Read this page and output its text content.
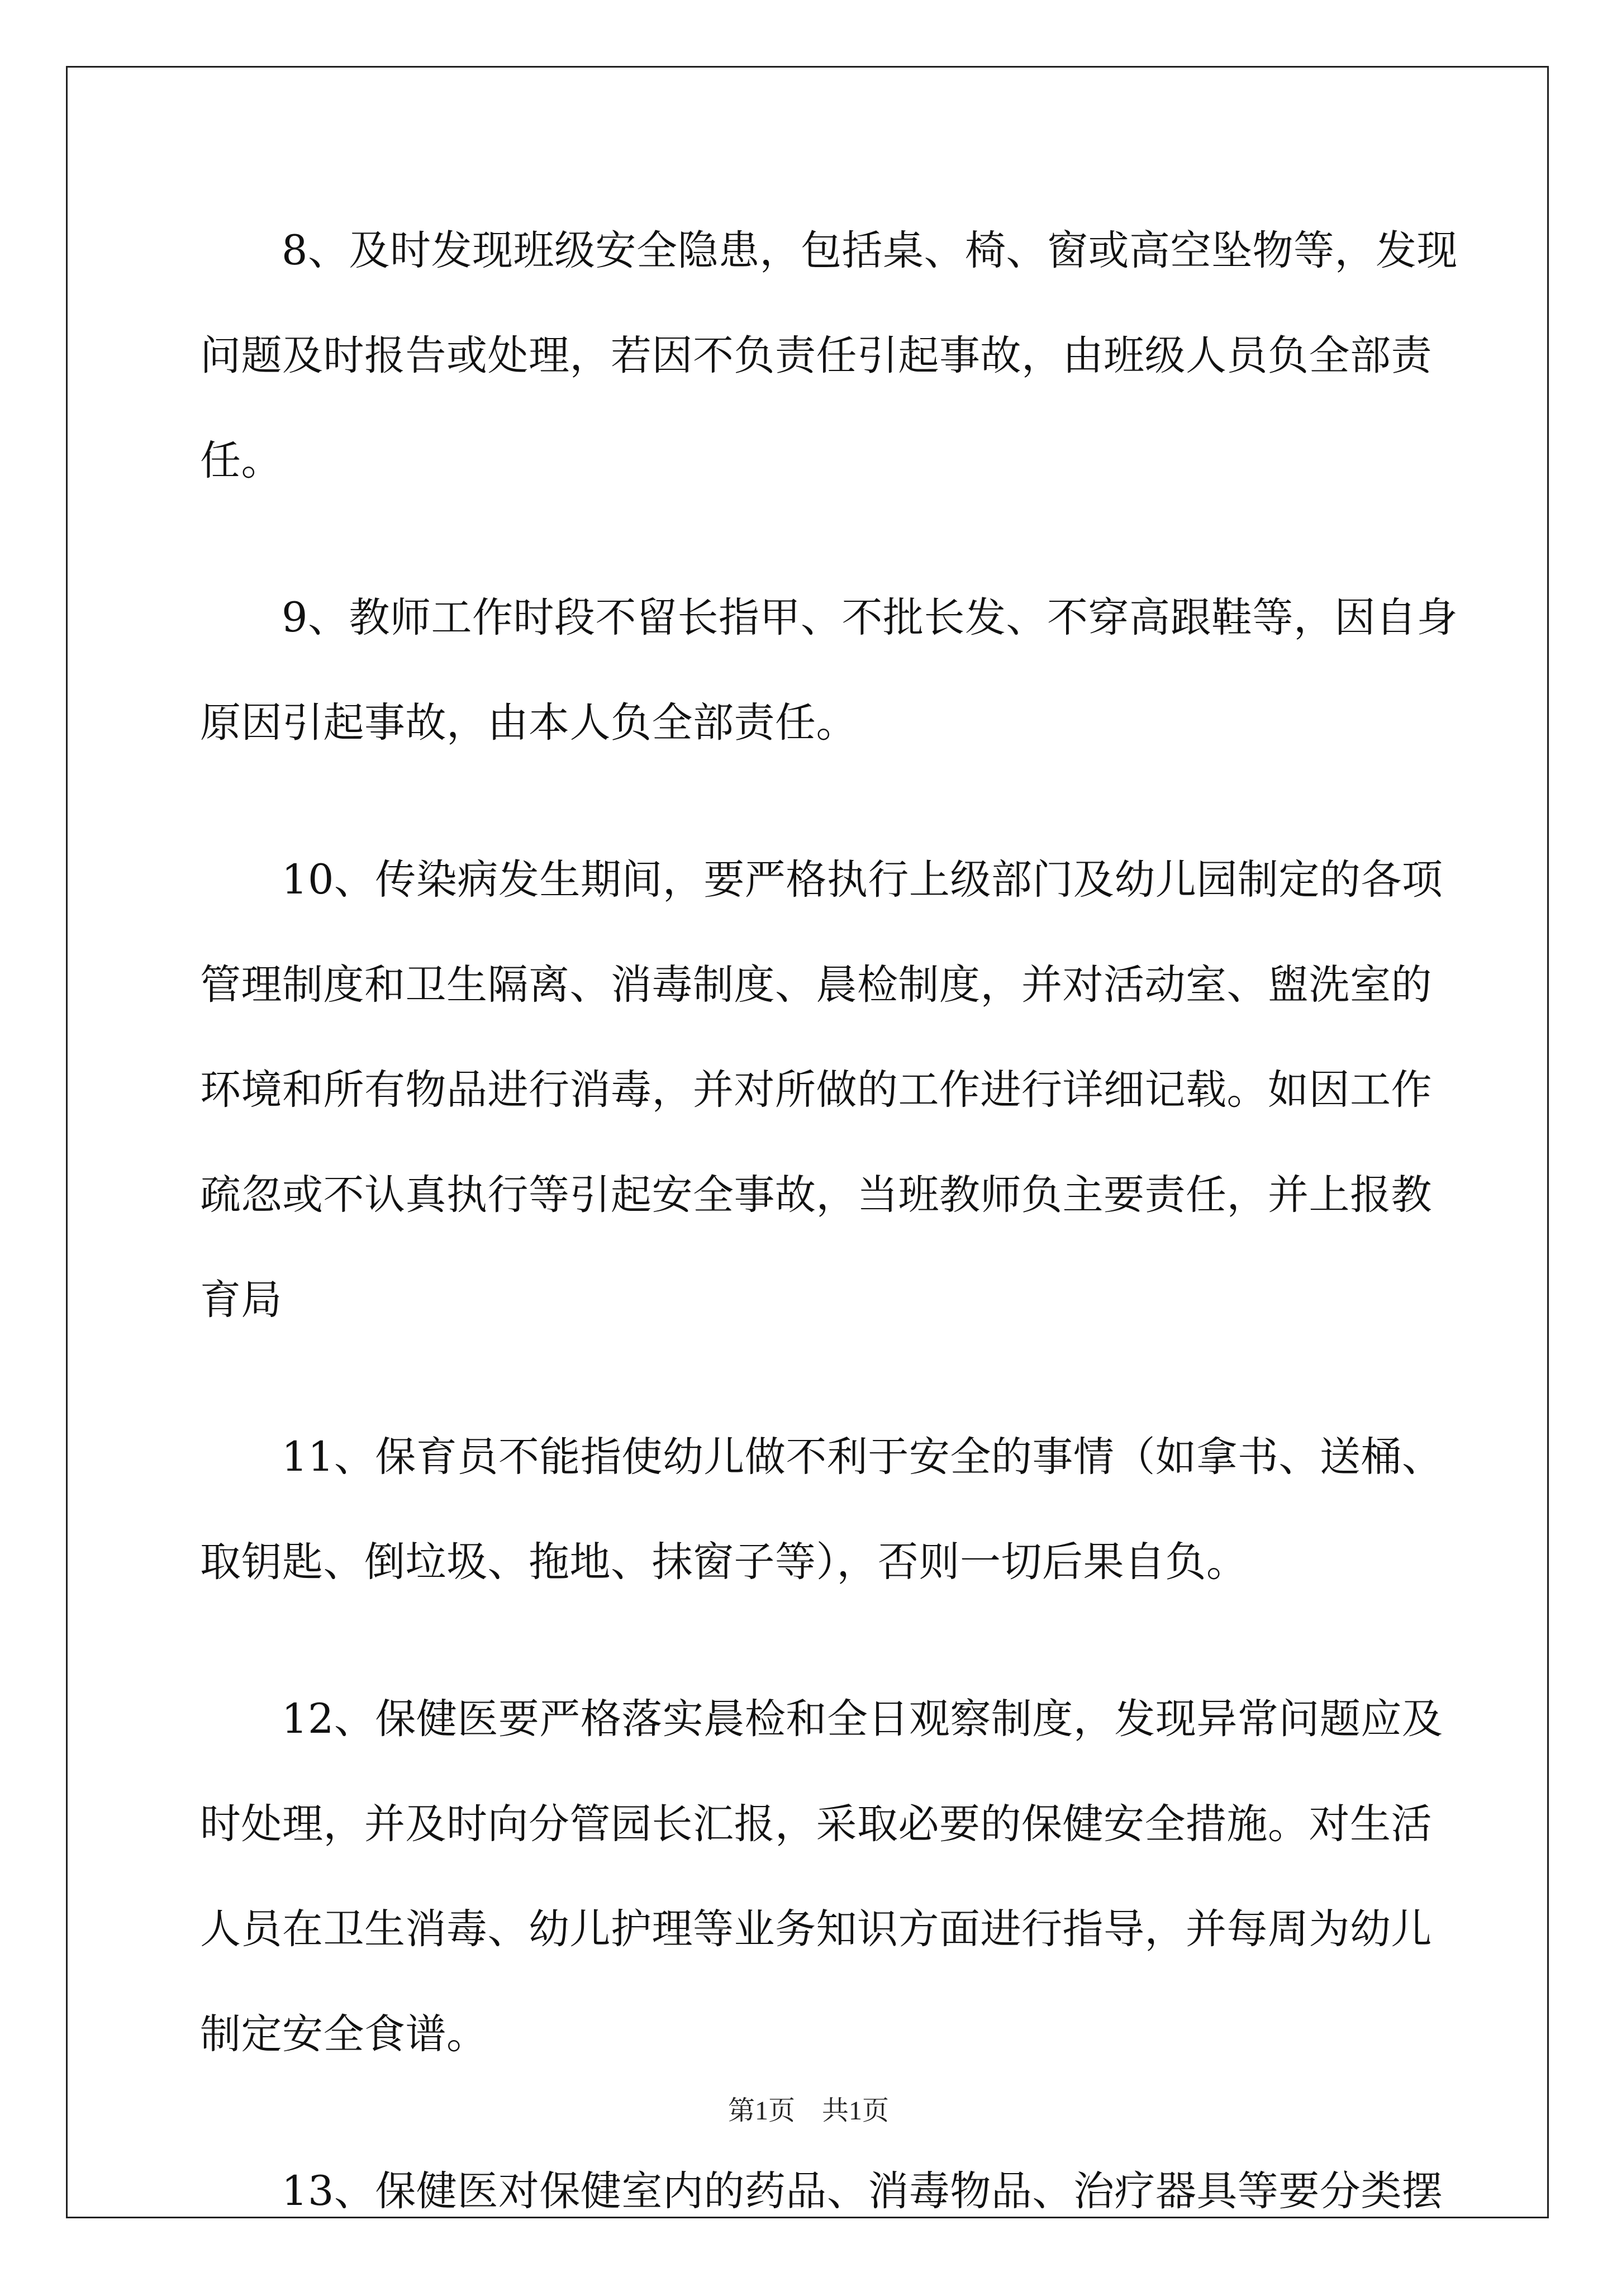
8、及时发现班级安全隐患，包括桌、椅、窗或高空坠物等，发现
问题及时报告或处理，若因不负责任引起事故，由班级人员负全部责
任。
9、教师工作时段不留长指甲、不批长发、不穿高跟鞋等，因自身
原因引起事故，由本人负全部责任。
10、传染病发生期间，要严格执行上级部门及幼儿园制定的各项
管理制度和卫生隔离、消毒制度、晨检制度，并对活动室、盥洗室的
环境和所有物品进行消毒，并对所做的工作进行详细记载。如因工作
疏忽或不认真执行等引起安全事故，当班教师负主要责任，并上报教
育局
11、保育员不能指使幼儿做不利于安全的事情（如拿书、送桶、
取钥匙、倒垃圾、拖地、抹窗子等），否则一切后果自负。
12、保健医要严格落实晨检和全日观察制度，发现异常问题应及
时处理，并及时向分管园长汇报，采取必要的保健安全措施。对生活
人员在卫生消毒、幼儿护理等业务知识方面进行指导，并每周为幼儿
制定安全食谱。
13、保健医对保健室内的药品、消毒物品、治疗器具等要分类摆
第1页　共1页
